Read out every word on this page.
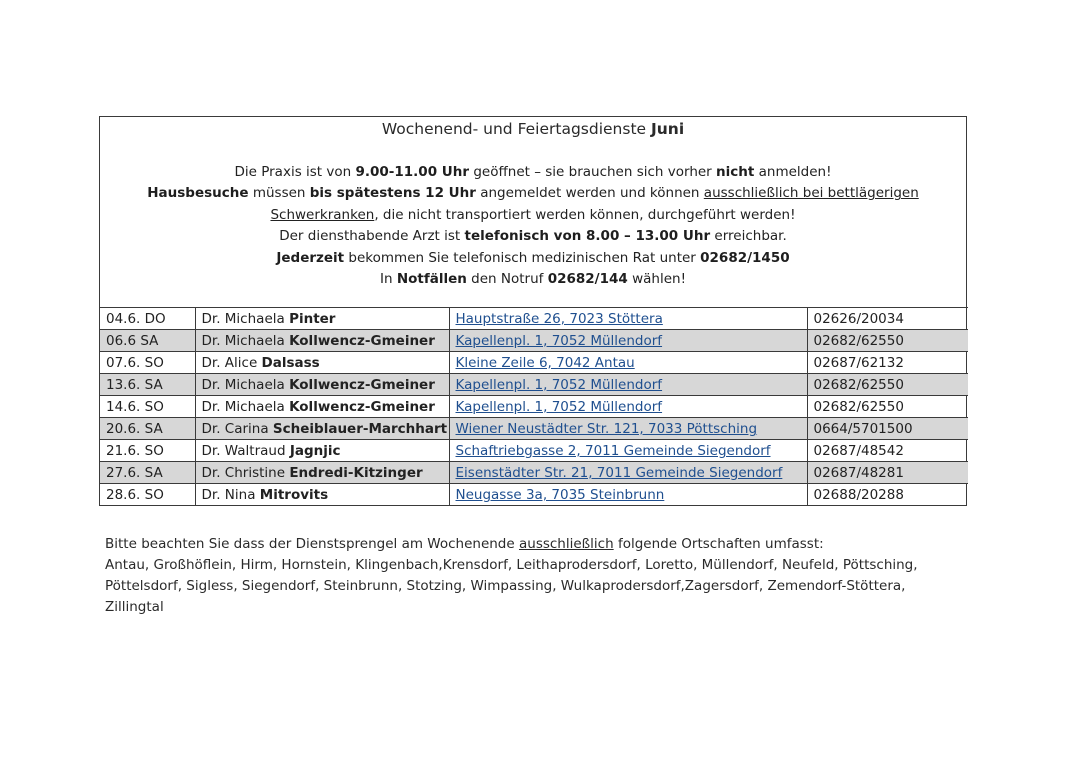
Wochenend- und Feiertagsdienste Juni
Die Praxis ist von 9.00-11.00 Uhr geöffnet – sie brauchen sich vorher nicht anmelden!
Hausbesuche müssen bis spätestens 12 Uhr angemeldet werden und können ausschließlich bei bettlägerigen
Schwerkranken, die nicht transportiert werden können, durchgeführt werden!
Der diensthabende Arzt ist telefonisch von 8.00 – 13.00 Uhr erreichbar.
Jederzeit bekommen Sie telefonisch medizinischen Rat unter 02682/1450
In Notfällen den Notruf 02682/144 wählen!
04.6. DO	Dr. Michaela Pinter	Hauptstraße 26, 7023 Stöttera	02626/20034
06.6 SA	Dr. Michaela Kollwencz-Gmeiner	Kapellenpl. 1, 7052 Müllendorf	02682/62550
07.6. SO	Dr. Alice Dalsass	Kleine Zeile 6, 7042 Antau	02687/62132
13.6. SA	Dr. Michaela Kollwencz-Gmeiner	Kapellenpl. 1, 7052 Müllendorf	02682/62550
14.6. SO	Dr. Michaela Kollwencz-Gmeiner	Kapellenpl. 1, 7052 Müllendorf	02682/62550
20.6. SA	Dr. Carina Scheiblauer-Marchhart	Wiener Neustädter Str. 121, 7033 Pöttsching	0664/5701500
21.6. SO	Dr. Waltraud Jagnjic	Schaftriebgasse 2, 7011 Gemeinde Siegendorf	02687/48542
27.6. SA	Dr. Christine Endredi-Kitzinger	Eisenstädter Str. 21, 7011 Gemeinde Siegendorf	02687/48281
28.6. SO	Dr. Nina Mitrovits	Neugasse 3a, 7035 Steinbrunn	02688/20288
Bitte beachten Sie dass der Dienstsprengel am Wochenende ausschließlich folgende Ortschaften umfasst:
Antau, Großhöflein, Hirm, Hornstein, Klingenbach,Krensdorf, Leithaprodersdorf, Loretto, Müllendorf, Neufeld, Pöttsching,
Pöttelsdorf, Sigless, Siegendorf, Steinbrunn, Stotzing, Wimpassing, Wulkaprodersdorf,Zagersdorf, Zemendorf-Stöttera,
Zillingtal
